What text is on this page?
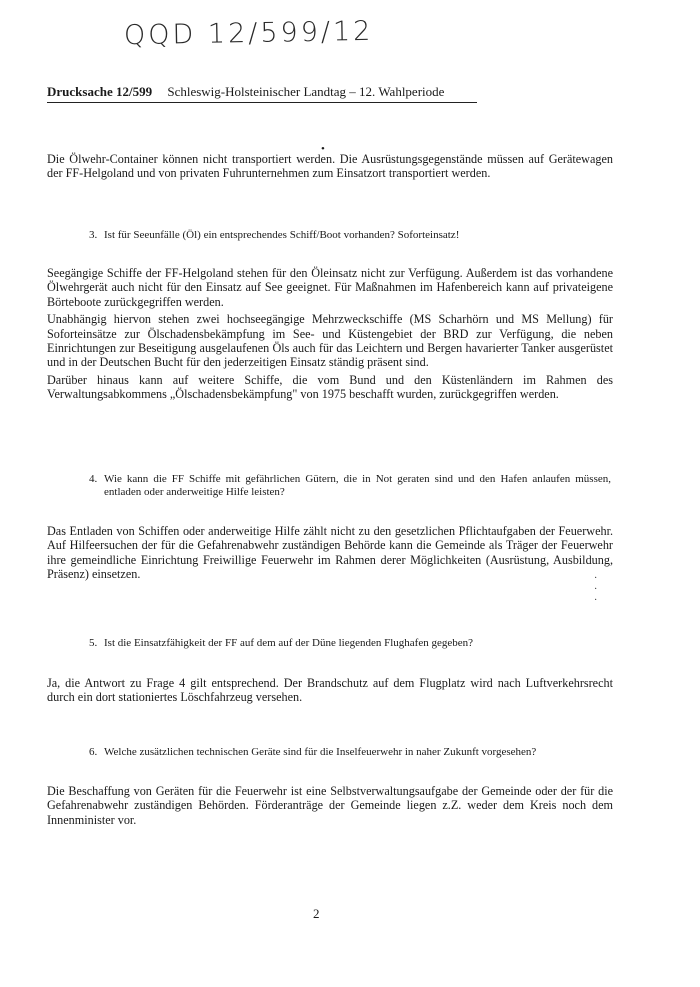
QQD 12/599/12
Drucksache 12/599 Schleswig-Holsteinischer Landtag – 12. Wahlperiode
•

Die Ölwehr-Container können nicht transportiert werden. Die Ausrüstungsgegenstände müssen auf Gerätewagen der FF-Helgoland und von privaten Fuhrunternehmen zum Einsatzort transportiert werden.

3. Ist für Seeunfälle (Öl) ein entsprechendes Schiff/Boot vorhanden? Soforteinsatz!

Seegängige Schiffe der FF-Helgoland stehen für den Öleinsatz nicht zur Verfügung. Außerdem ist das vorhandene Ölwehrgerät auch nicht für den Einsatz auf See geeignet. Für Maßnahmen im Hafenbereich kann auf privateigene Börteboote zurückgegriffen werden.

Unabhängig hiervon stehen zwei hochseegängige Mehrzweckschiffe (MS Scharhörn und MS Mellung) für Soforteinsätze zur Ölschadensbekämpfung im See- und Küstengebiet der BRD zur Verfügung, die neben Einrichtungen zur Beseitigung ausgelaufenen Öls auch für das Leichtern und Bergen havarierter Tanker ausgerüstet und in der Deutschen Bucht für den jederzeitigen Einsatz ständig präsent sind.

Darüber hinaus kann auf weitere Schiffe, die vom Bund und den Küstenländern im Rahmen des Verwaltungsabkommens „Ölschadensbekämpfung" von 1975 beschafft wurden, zurückgegriffen werden.

4. Wie kann die FF Schiffe mit gefährlichen Gütern, die in Not geraten sind und den Hafen anlaufen müssen, entladen oder anderweitige Hilfe leisten?

Das Entladen von Schiffen oder anderweitige Hilfe zählt nicht zu den gesetzlichen Pflichtaufgaben der Feuerwehr. Auf Hilfeersuchen der für die Gefahrenabwehr zuständigen Behörde kann die Gemeinde als Träger der Feuerwehr ihre gemeindliche Einrichtung Freiwillige Feuerwehr im Rahmen derer Möglichkeiten (Ausrüstung, Ausbildung, Präsenz) einsetzen.	·
·
·
5. Ist die Einsatzfähigkeit der FF auf dem auf der Düne liegenden Flughafen gegeben?

Ja, die Antwort zu Frage 4 gilt entsprechend. Der Brandschutz auf dem Flugplatz wird nach Luftverkehrsrecht durch ein dort stationiertes Löschfahrzeug versehen.

6. Welche zusätzlichen technischen Geräte sind für die Inselfeuerwehr in naher Zukunft vorgesehen?

Die Beschaffung von Geräten für die Feuerwehr ist eine Selbstverwaltungsaufgabe der Gemeinde oder der für die Gefahrenabwehr zuständigen Behörden. Förderanträge der Gemeinde liegen z.Z. weder dem Kreis noch dem Innenminister vor.

2
